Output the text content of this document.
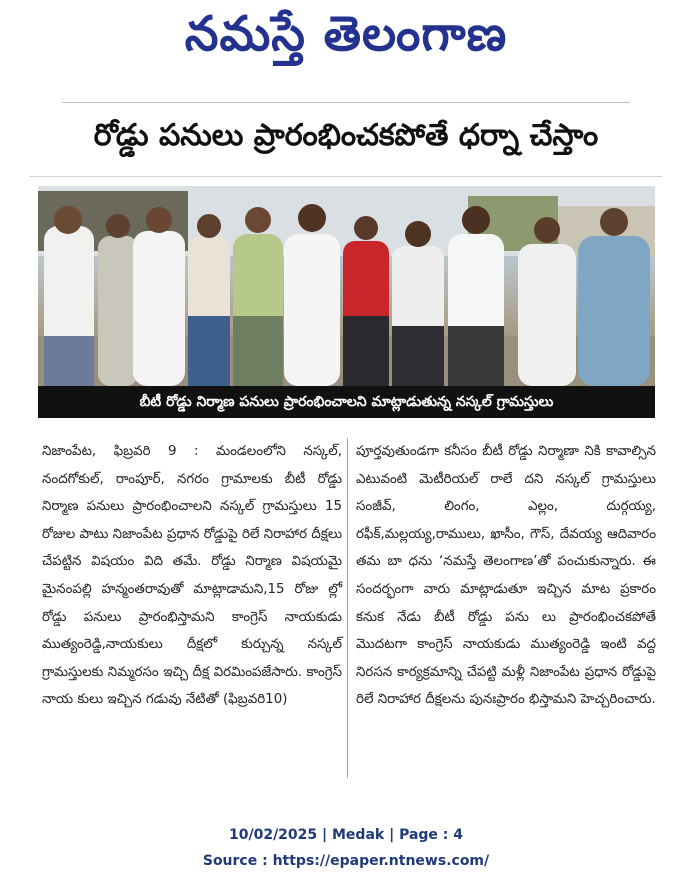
నమస్తే తెలంగాణ
రోడ్డు పనులు ప్రారంభించకపోతే ధర్నా చేస్తాం
బీటీ రోడ్డు నిర్మాణ పనులు ప్రారంభించాలని మాట్లాడుతున్న నస్కల్ గ్రామస్తులు
నిజాంపేట, ఫిబ్రవరి 9 : మండలంలోని నస్కల్, నందగోకుల్, రాంపూర్, నగరం గ్రామాలకు బీటీ రోడ్డు నిర్మాణ పనులు ప్రారంభించాలని నస్కల్ గ్రామస్తులు 15 రోజుల పాటు నిజాంపేట ప్రధాన రోడ్డుపై రిలే నిరాహార దీక్షలు చేపట్టిన విషయం విది తమే. రోడ్డు నిర్మాణ విషయమై మైనంపల్లి హన్మంతరావుతో మాట్లాడామని,15 రోజు ల్లో రోడ్డు పనులు ప్రారంభిస్తామని కాంగ్రెస్ నాయకుడు ముత్యంరెడ్డి,నాయకులు దీక్షలో కుర్చున్న నస్కల్ గ్రామస్తులకు నిమ్మరసం ఇచ్చి దీక్ష విరమింపజేసారు. కాంగ్రెస్ నాయ కులు ఇచ్చిన గడువు నేటితో (ఫిబ్రవరి10)
పూర్తవుతుండగా కనీసం బీటీ రోడ్డు నిర్మాణా నికి కావాల్సిన ఎటువంటి మెటీరియల్ రాలే దని నస్కల్ గ్రామస్తులు సంజీవ్, లింగం, ఎల్లం, దుర్గయ్య, రఫీక్,మల్లయ్య,రాములు, ఖాసీం, గౌస్, దేవయ్య ఆదివారం తమ బా ధను ‘నమస్తే తెలంగాణ’తో పంచుకున్నారు. ఈ సందర్భంగా వారు మాట్లాడుతూ ఇచ్చిన మాట ప్రకారం కనుక నేడు బీటీ రోడ్డు పను లు ప్రారంభించకపోతే మొదటగా కాంగ్రెస్ నాయకుడు ముత్యంరెడ్డి ఇంటి వద్ద నిరసన కార్యక్రమాన్ని చేపట్టి మళ్లీ నిజాంపేట ప్రధాన రోడ్డుపై రిలే నిరాహార దీక్షలను పునఃప్రారం భిస్తామని హెచ్చరించారు.
10/02/2025 | Medak | Page : 4
Source : https://epaper.ntnews.com/
